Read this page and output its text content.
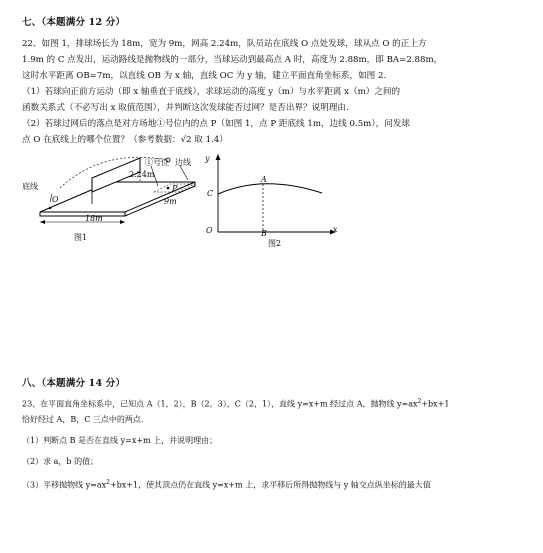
七、（本题满分 12 分）
22、如图 1，排球场长为 18m，宽为 9m，网高 2.24m，队员站在底线 O 点处发球，球从点 O 的正上方
1.9m 的 C 点发出，运动路线是抛物线的一部分，当球运动到最高点 A 时，高度为 2.88m，即 BA=2.88m，
这时水平距离 OB=7m，以直线 OB 为 x 轴，直线 OC 为 y 轴，建立平面直角坐标系，如图 2.
（1）若球向正前方运动（即 x 轴垂直于底线），求球运动的高度 y（m）与水平距离 x（m）之间的
函数关系式（不必写出 x 取值范围），并判断这次发球能否过网？是否出界？说明理由.
（2）若球过网后的落点是对方场地①号位内的点 P（如图 1，点 P 距底线 1m，边线 0.5m），问发球
点 O 在底线上的哪个位置？（参考数据：√2 取 1.4）
底线
①号位 边线
2.24m
9m
18m
O
P
图1
y
x
O
A
B
C
图2
八、（本题满分 14 分）
23、在平面直角坐标系中，已知点 A（1，2），B（2，3），C（2，1），直线 y=x+m 经过点 A，抛物线 $y=ax^2+bx+1$
恰好经过 A，B，C 三点中的两点.
（1）判断点 B 是否在直线 y=x+m 上，并说明理由；
（2）求 a，b 的值；
（3）平移抛物线 $y=ax^2+bx+1$，使其顶点仍在直线 y=x+m 上，求平移后所得抛物线与 y 轴交点纵坐标的最大值
